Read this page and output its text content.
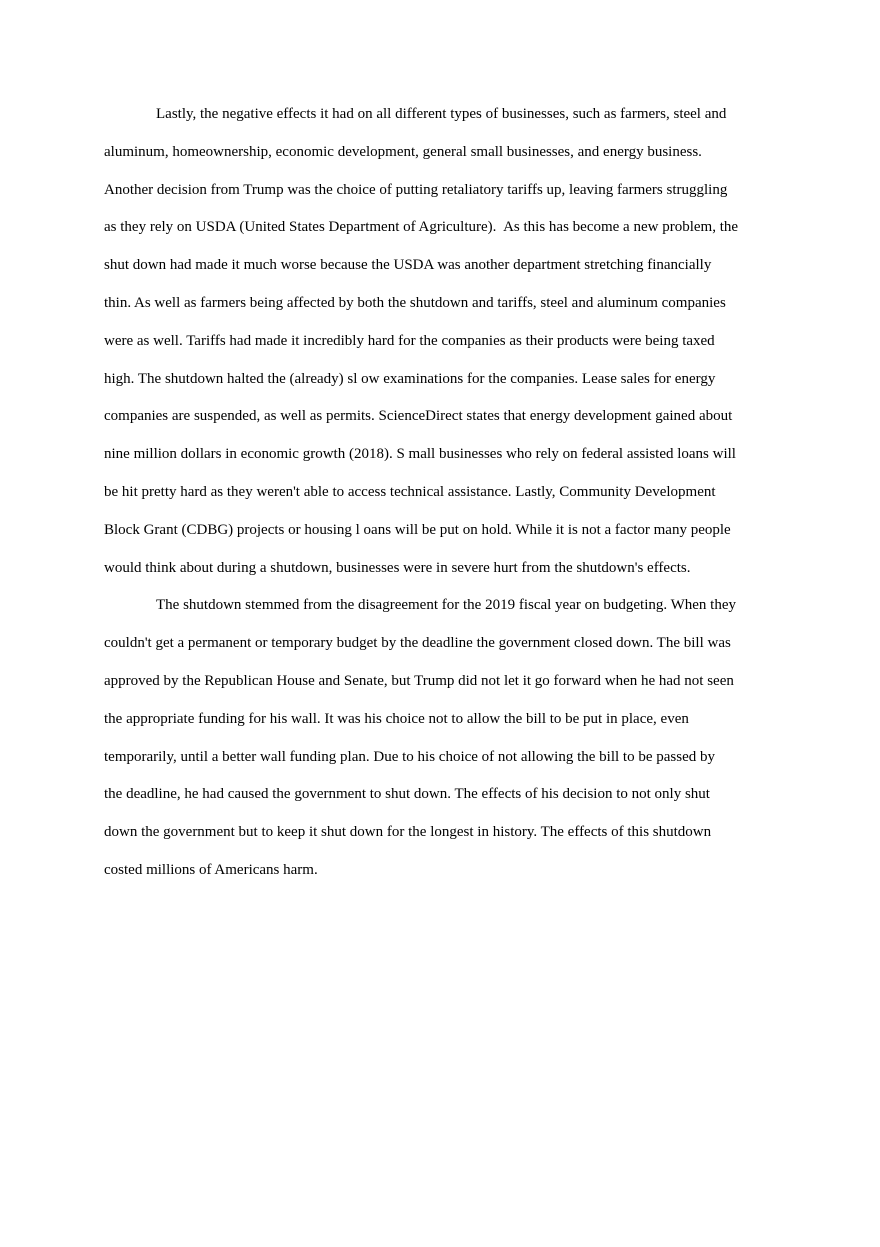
Lastly, the negative effects it had on all different types of businesses, such as farmers, steel and
aluminum, homeownership, economic development, general small businesses, and energy business.
Another decision from Trump was the choice of putting retaliatory tariffs up, leaving farmers struggling
as they rely on USDA (United States Department of Agriculture).  As this has become a new problem, the
shut down had made it much worse because the USDA was another department stretching financially
thin. As well as farmers being affected by both the shutdown and tariffs, steel and aluminum companies
were as well. Tariffs had made it incredibly hard for the companies as their products were being taxed
high. The shutdown halted the (already) sl ow examinations for the companies. Lease sales for energy
companies are suspended, as well as permits. ScienceDirect states that energy development gained about
nine million dollars in economic growth (2018). S mall businesses who rely on federal assisted loans will
be hit pretty hard as they weren't able to access technical assistance. Lastly, Community Development
Block Grant (CDBG) projects or housing l oans will be put on hold. While it is not a factor many people
would think about during a shutdown, businesses were in severe hurt from the shutdown's effects.
The shutdown stemmed from the disagreement for the 2019 fiscal year on budgeting. When they
couldn't get a permanent or temporary budget by the deadline the government closed down. The bill was
approved by the Republican House and Senate, but Trump did not let it go forward when he had not seen
the appropriate funding for his wall. It was his choice not to allow the bill to be put in place, even
temporarily, until a better wall funding plan. Due to his choice of not allowing the bill to be passed by
the deadline, he had caused the government to shut down. The effects of his decision to not only shut
down the government but to keep it shut down for the longest in history. The effects of this shutdown
costed millions of Americans harm.
